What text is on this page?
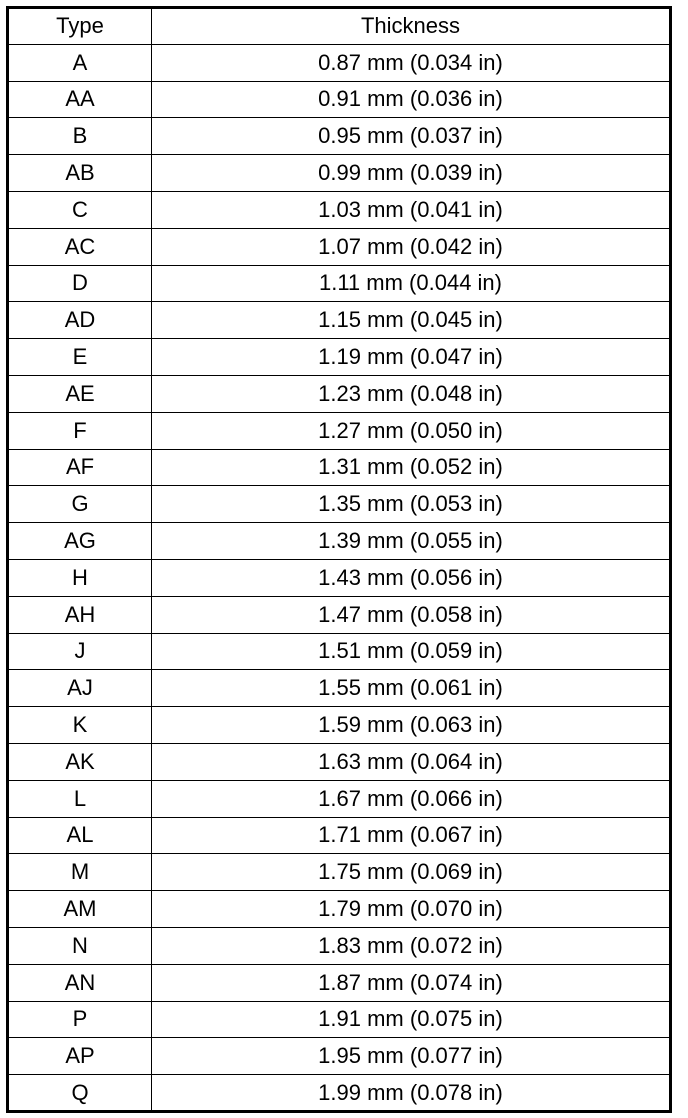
Type	Thickness
A	0.87 mm (0.034 in)
AA	0.91 mm (0.036 in)
B	0.95 mm (0.037 in)
AB	0.99 mm (0.039 in)
C	1.03 mm (0.041 in)
AC	1.07 mm (0.042 in)
D	1.11 mm (0.044 in)
AD	1.15 mm (0.045 in)
E	1.19 mm (0.047 in)
AE	1.23 mm (0.048 in)
F	1.27 mm (0.050 in)
AF	1.31 mm (0.052 in)
G	1.35 mm (0.053 in)
AG	1.39 mm (0.055 in)
H	1.43 mm (0.056 in)
AH	1.47 mm (0.058 in)
J	1.51 mm (0.059 in)
AJ	1.55 mm (0.061 in)
K	1.59 mm (0.063 in)
AK	1.63 mm (0.064 in)
L	1.67 mm (0.066 in)
AL	1.71 mm (0.067 in)
M	1.75 mm (0.069 in)
AM	1.79 mm (0.070 in)
N	1.83 mm (0.072 in)
AN	1.87 mm (0.074 in)
P	1.91 mm (0.075 in)
AP	1.95 mm (0.077 in)
Q	1.99 mm (0.078 in)
